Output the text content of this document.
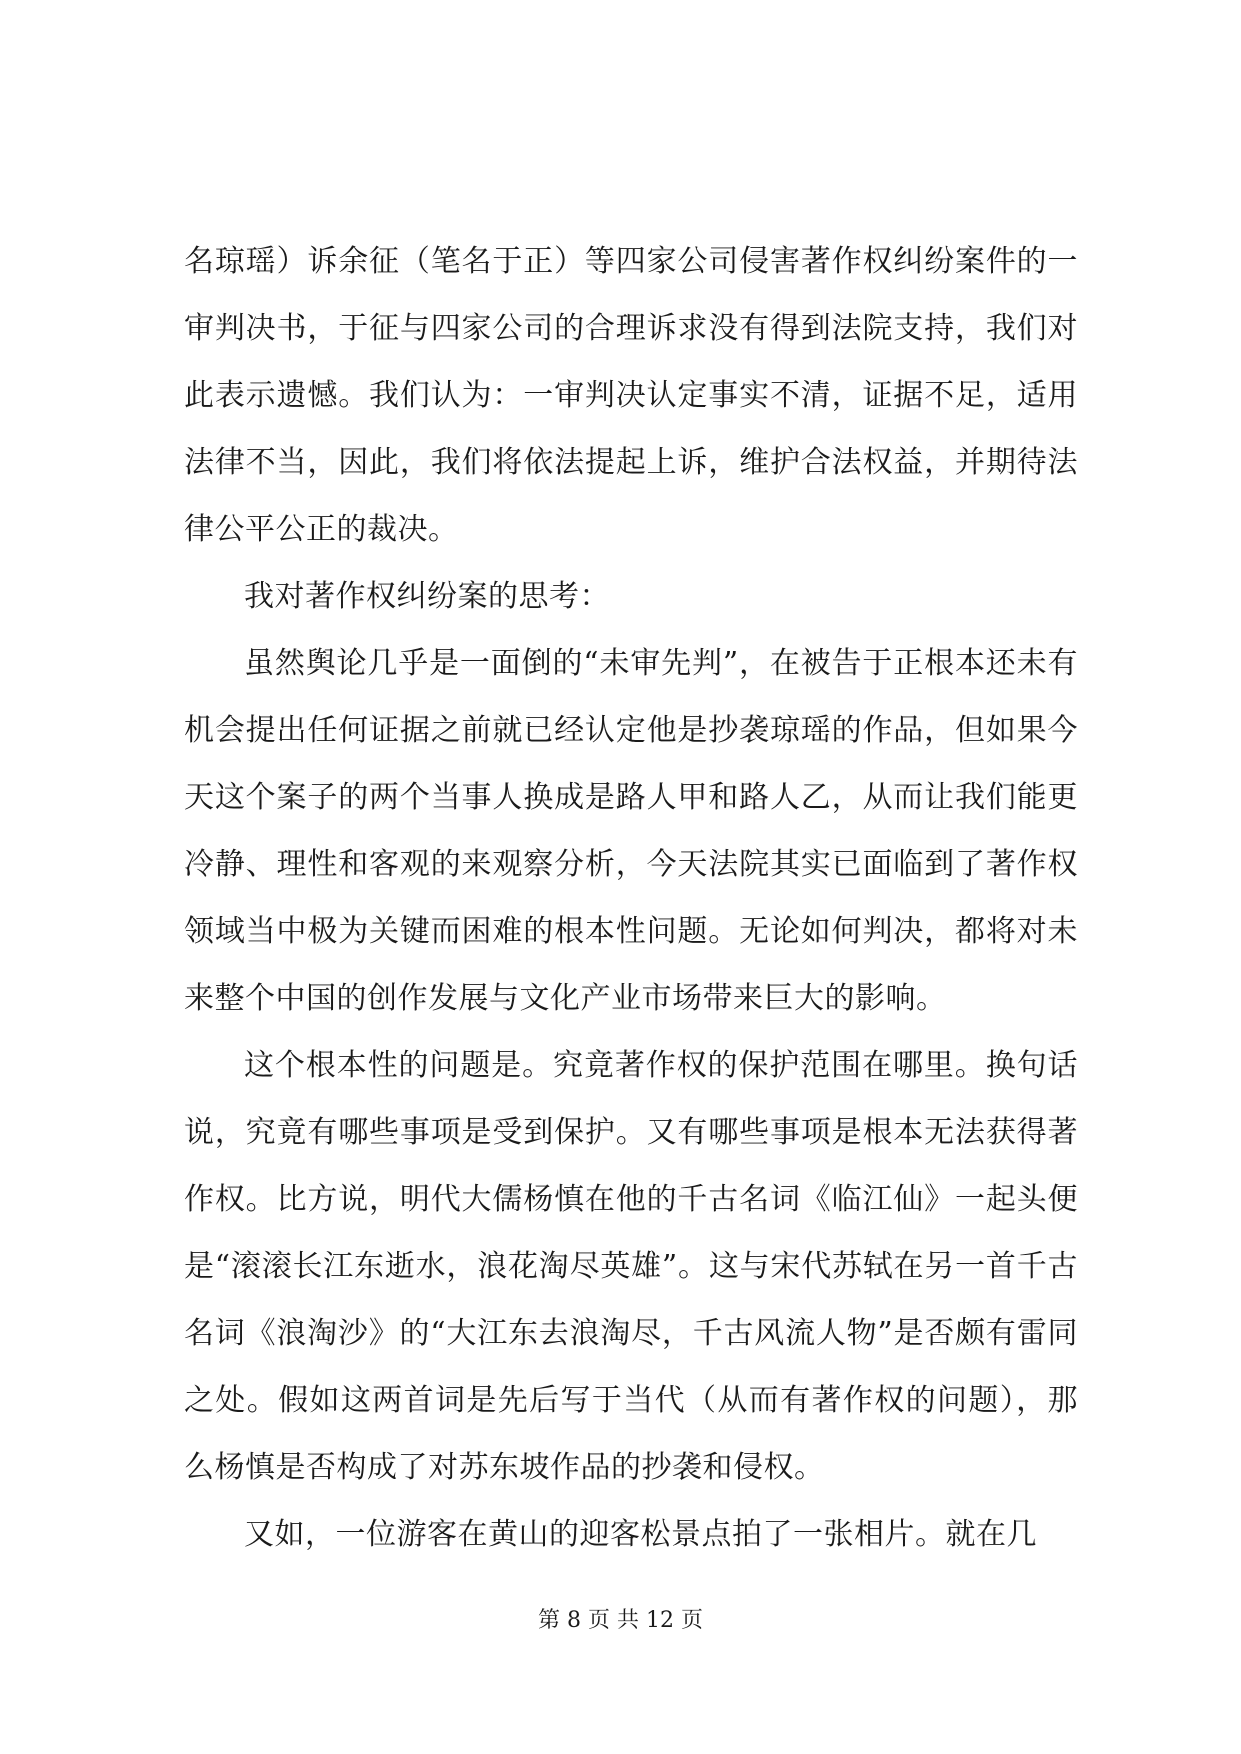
名琼瑶）诉余征（笔名于正）等四家公司侵害著作权纠纷案件的一审判决书，于征与四家公司的合理诉求没有得到法院支持，我们对此表示遗憾。我们认为：一审判决认定事实不清，证据不足，适用法律不当，因此，我们将依法提起上诉，维护合法权益，并期待法律公平公正的裁决。

我对著作权纠纷案的思考：

虽然舆论几乎是一面倒的“未审先判”，在被告于正根本还未有机会提出任何证据之前就已经认定他是抄袭琼瑶的作品，但如果今天这个案子的两个当事人换成是路人甲和路人乙，从而让我们能更冷静、理性和客观的来观察分析，今天法院其实已面临到了著作权领域当中极为关键而困难的根本性问题。无论如何判决，都将对未来整个中国的创作发展与文化产业市场带来巨大的影响。

这个根本性的问题是。究竟著作权的保护范围在哪里。换句话说，究竟有哪些事项是受到保护。又有哪些事项是根本无法获得著作权。比方说，明代大儒杨慎在他的千古名词《临江仙》一起头便是“滚滚长江东逝水，浪花淘尽英雄”。这与宋代苏轼在另一首千古名词《浪淘沙》的“大江东去浪淘尽，千古风流人物”是否颇有雷同之处。假如这两首词是先后写于当代（从而有著作权的问题），那么杨慎是否构成了对苏东坡作品的抄袭和侵权。

又如，一位游客在黄山的迎客松景点拍了一张相片。就在几

第 8 页 共 12 页
